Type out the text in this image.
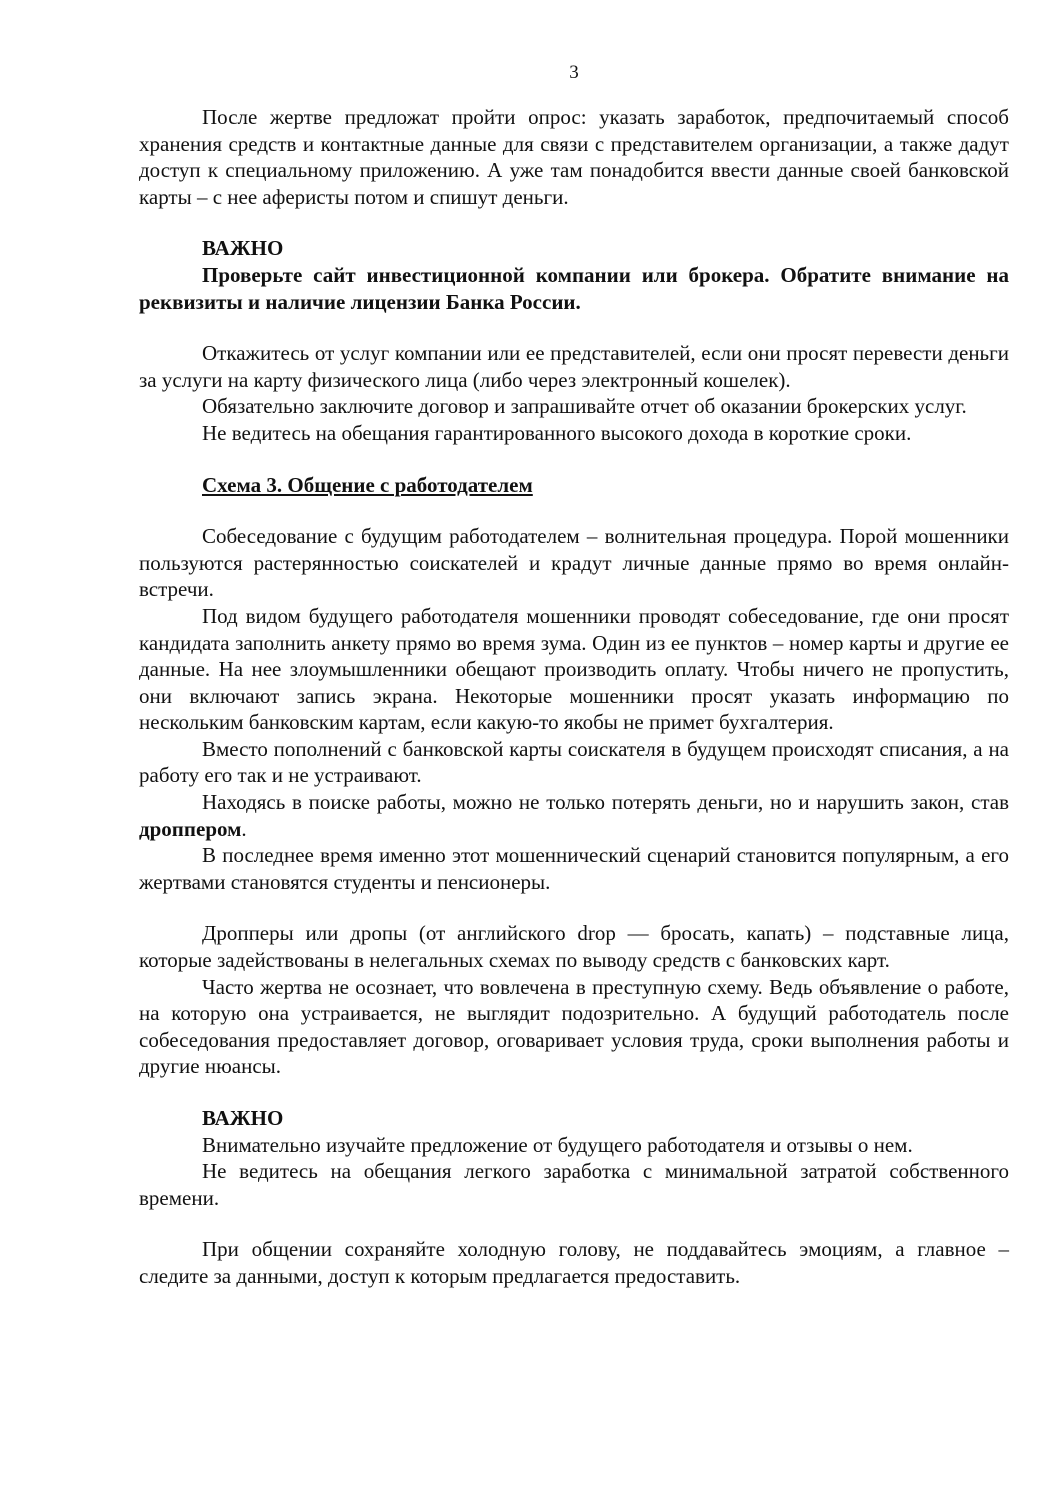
3

После жертве предложат пройти опрос: указать заработок, предпочитаемый способ хранения средств и контактные данные для связи с представителем организации, а также дадут доступ к специальному приложению. А уже там понадобится ввести данные своей банковской карты – с нее аферисты потом и спишут деньги.

ВАЖНО

Проверьте сайт инвестиционной компании или брокера. Обратите внимание на реквизиты и наличие лицензии Банка России.

Откажитесь от услуг компании или ее представителей, если они просят перевести деньги за услуги на карту физического лица (либо через электронный кошелек).

Обязательно заключите договор и запрашивайте отчет об оказании брокерских услуг.

Не ведитесь на обещания гарантированного высокого дохода в короткие сроки.

Схема 3. Общение с работодателем

Собеседование с будущим работодателем – волнительная процедура. Порой мошенники пользуются растерянностью соискателей и крадут личные данные прямо во время онлайн-встречи.

Под видом будущего работодателя мошенники проводят собеседование, где они просят кандидата заполнить анкету прямо во время зума. Один из ее пунктов – номер карты и другие ее данные. На нее злоумышленники обещают производить оплату. Чтобы ничего не пропустить, они включают запись экрана. Некоторые мошенники просят указать информацию по нескольким банковским картам, если какую-то якобы не примет бухгалтерия.

Вместо пополнений с банковской карты соискателя в будущем происходят списания, а на работу его так и не устраивают.

Находясь в поиске работы, можно не только потерять деньги, но и нарушить закон, став дроппером.

В последнее время именно этот мошеннический сценарий становится популярным, а его жертвами становятся студенты и пенсионеры.

Дропперы или дропы (от английского drop — бросать, капать) – подставные лица, которые задействованы в нелегальных схемах по выводу средств с банковских карт.

Часто жертва не осознает, что вовлечена в преступную схему. Ведь объявление о работе, на которую она устраивается, не выглядит подозрительно. А будущий работодатель после собеседования предоставляет договор, оговаривает условия труда, сроки выполнения работы и другие нюансы.

ВАЖНО

Внимательно изучайте предложение от будущего работодателя и отзывы о нем.

Не ведитесь на обещания легкого заработка с минимальной затратой собственного времени.

При общении сохраняйте холодную голову, не поддавайтесь эмоциям, а главное – следите за данными, доступ к которым предлагается предоставить.
